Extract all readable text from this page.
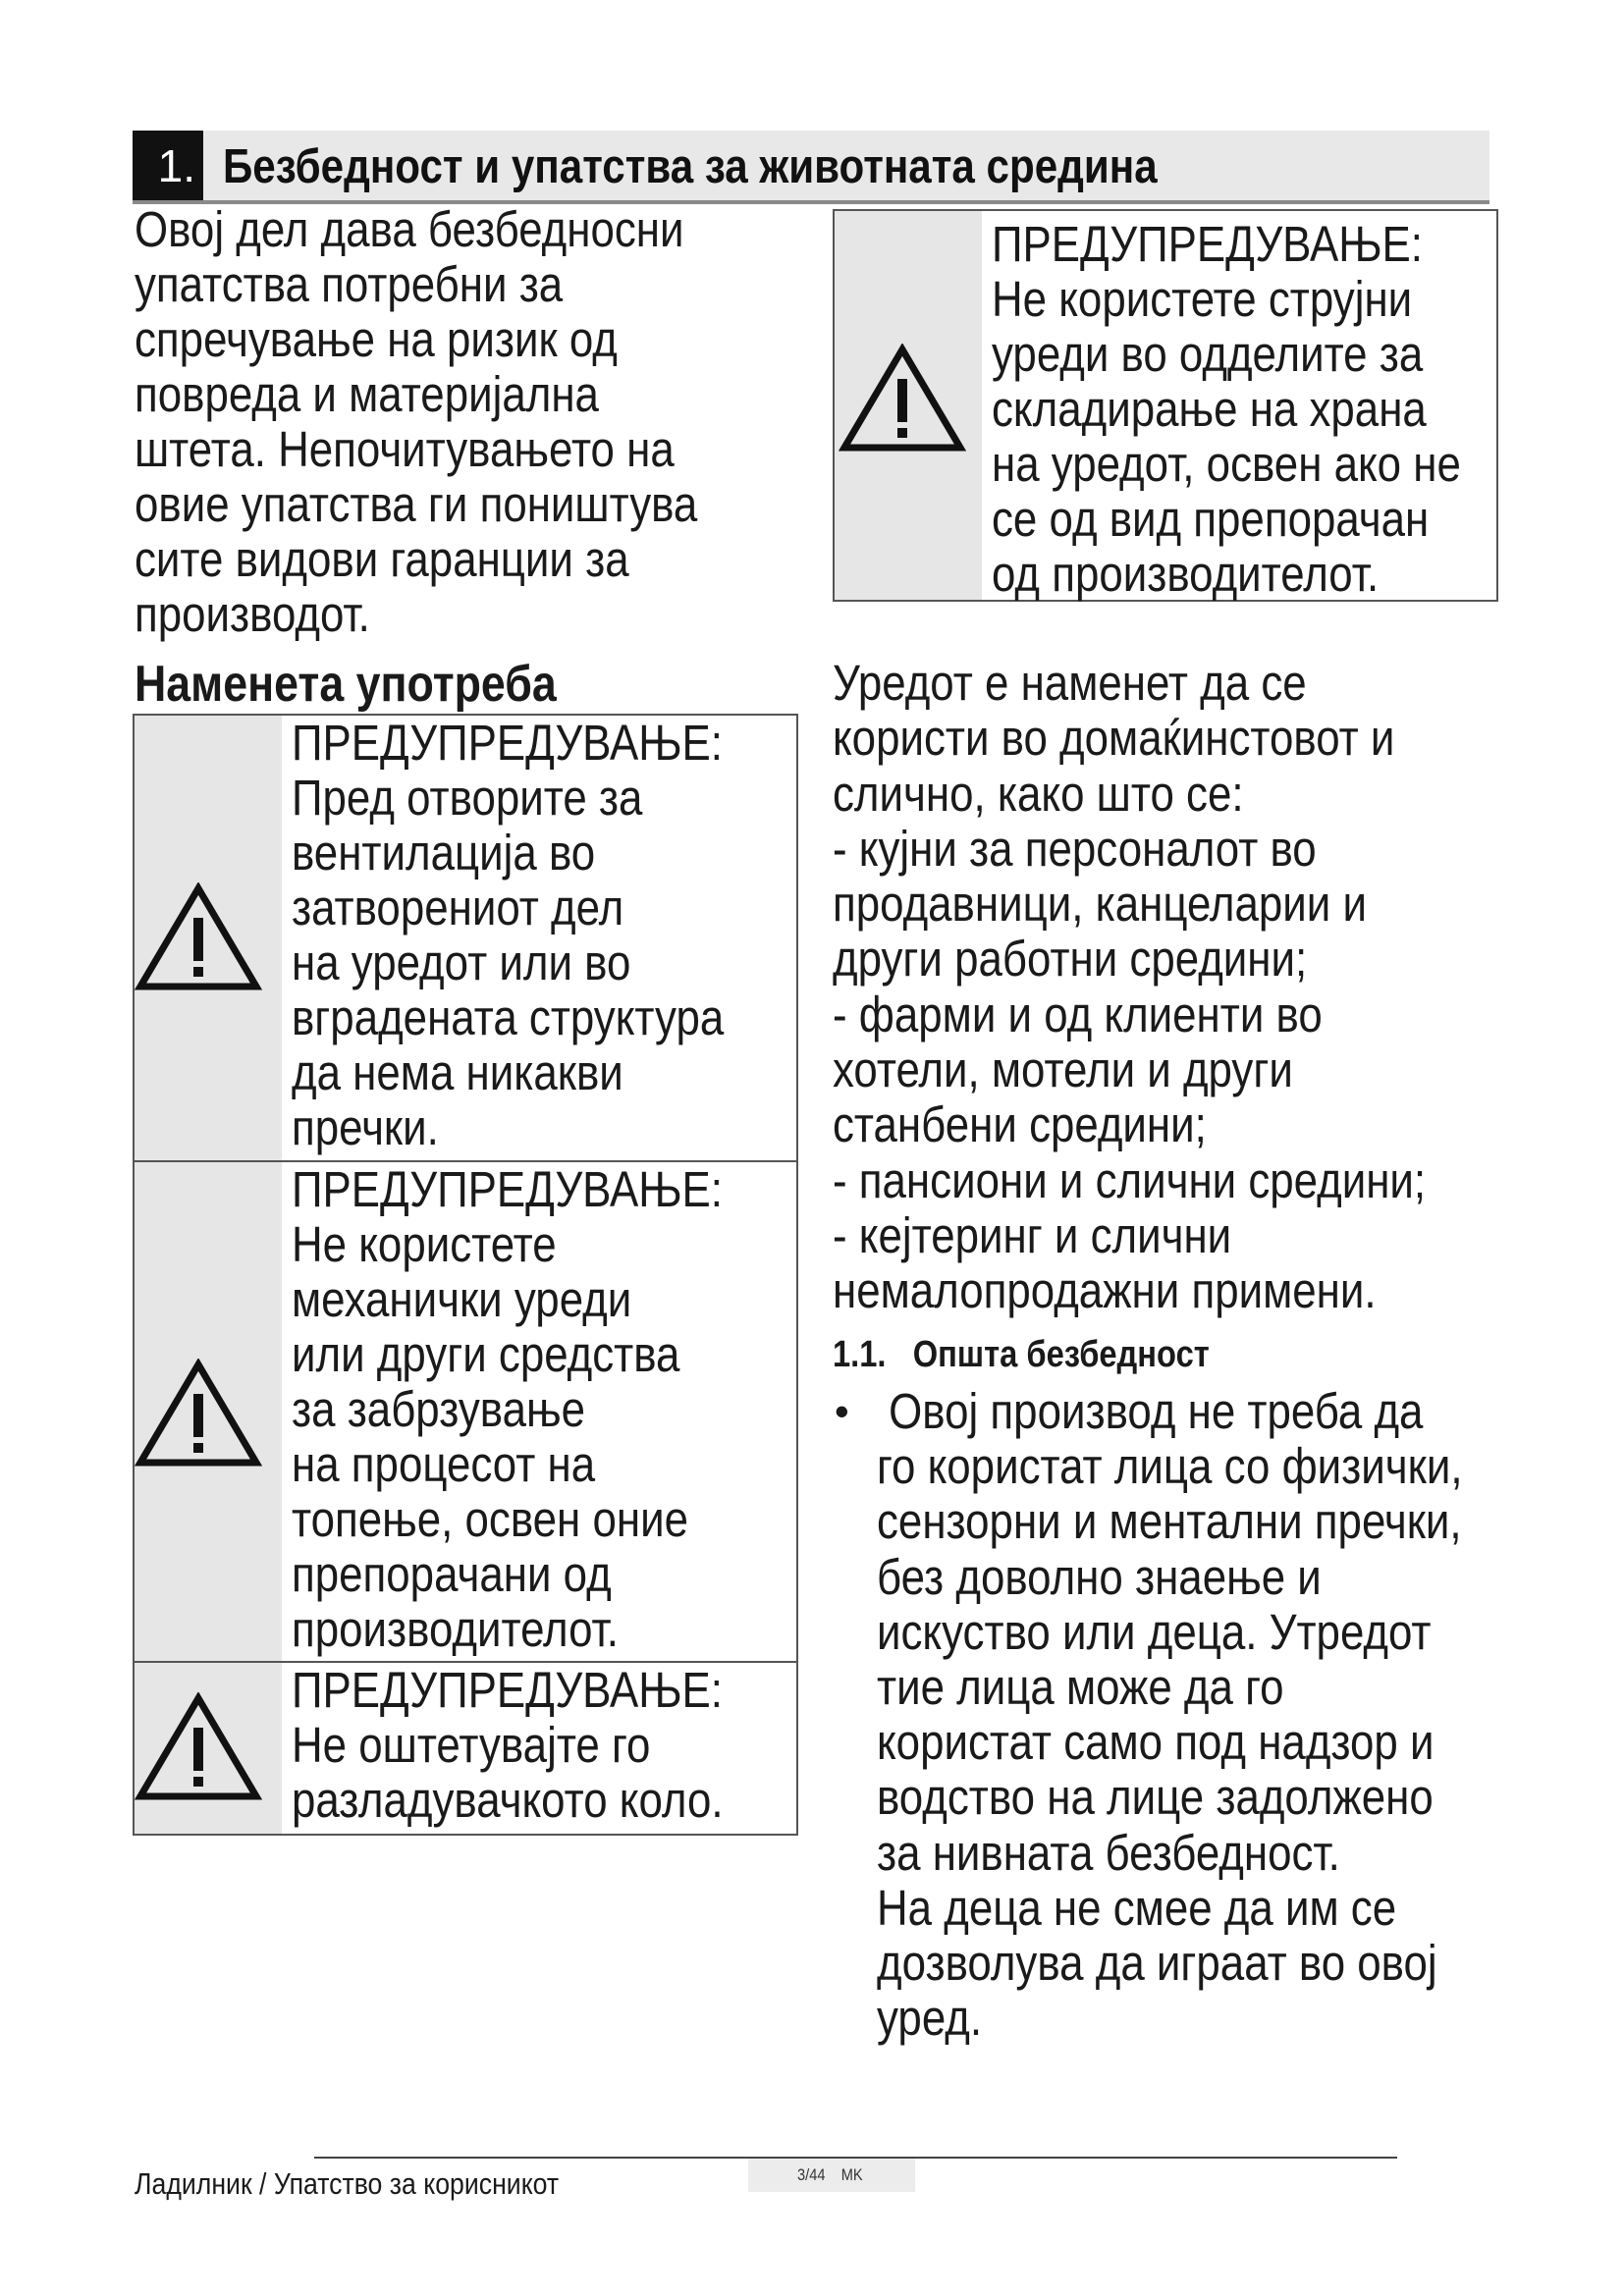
1. Безбедност и упатства за животната средина
Овој дел дава безбедносни
упатства потребни за
спречување на ризик од
повреда и материјална
штета. Непочитувањето на
овие упатства ги поништува
сите видови гаранции за
производот.
ПРЕДУПРЕДУВАЊЕ:
Не користете струјни
уреди во одделите за
складирање на храна
на уредот, освен ако не
се од вид препорачан
од производителот.
Наменета употреба
ПРЕДУПРЕДУВАЊЕ:
Пред отворите за
вентилација во
затворениот дел
на уредот или во
вградената структура
да нема никакви
пречки.
ПРЕДУПРЕДУВАЊЕ:
Не користете
механички уреди
или други средства
за забрзување
на процесот на
топење, освен оние
препорачани од
производителот.
ПРЕДУПРЕДУВАЊЕ:
Не оштетувајте го
разладувачкото коло.
Уредот е наменет да се
користи во домаќинстовот и
слично, како што се:
- кујни за персоналот во
продавници, канцеларии и
други работни средини;
- фарми и од клиенти во
хотели, мотели и други
станбени средини;
- пансиони и слични средини;
- кејтеринг и слични
немалопродажни примени.
1.1.   Општа безбедност
• Овој производ не треба да
го користат лица со физички,
сензорни и ментални пречки,
без доволно знаење и
искуство или деца. Утредот
тие лица може да го
користат само под надзор и
водство на лице задолжено
за нивната безбедност.
На деца не смее да им се
дозволува да играат во овој
уред.
Ладилник / Упатство за корисникот	3/44    MK
